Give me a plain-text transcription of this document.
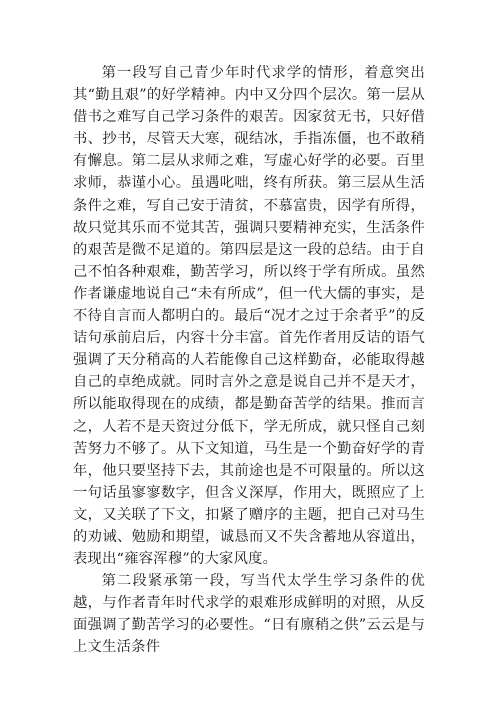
第一段写自己青少年时代求学的情形，着意突出其“勤且艰”的好学精神。内中又分四个层次。第一层从借书之难写自己学习条件的艰苦。因家贫无书，只好借书、抄书，尽管天大寒，砚结冰，手指冻僵，也不敢稍有懈息。第二层从求师之难，写虚心好学的必要。百里求师，恭谨小心。虽遇叱咄，终有所获。第三层从生活条件之难，写自己安于清贫，不慕富贵，因学有所得，故只觉其乐而不觉其苦，强调只要精神充实，生活条件的艰苦是微不足道的。第四层是这一段的总结。由于自己不怕各种艰难，勤苦学习，所以终于学有所成。虽然作者谦虚地说自己“未有所成”，但一代大儒的事实，是不待自言而人都明白的。最后“况才之过于余者乎”的反诘句承前启后，内容十分丰富。首先作者用反诘的语气强调了天分稍高的人若能像自己这样勤奋，必能取得越自己的卓绝成就。同时言外之意是说自己并不是天才，所以能取得现在的成绩，都是勤奋苦学的结果。推而言之，人若不是天资过分低下，学无所成，就只怪自己刻苦努力不够了。从下文知道，马生是一个勤奋好学的青年，他只要坚持下去，其前途也是不可限量的。所以这一句话虽寥寥数字，但含义深厚，作用大，既照应了上文，又关联了下文，扣紧了赠序的主题，把自己对马生的劝诫、勉励和期望，诚恳而又不失含蓄地从容道出，表现出“雍容浑穆”的大家风度。

第二段紧承第一段，写当代太学生学习条件的优越，与作者青年时代求学的艰难形成鲜明的对照，从反面强调了勤苦学习的必要性。“日有廪稍之供”云云是与上文生活条件
